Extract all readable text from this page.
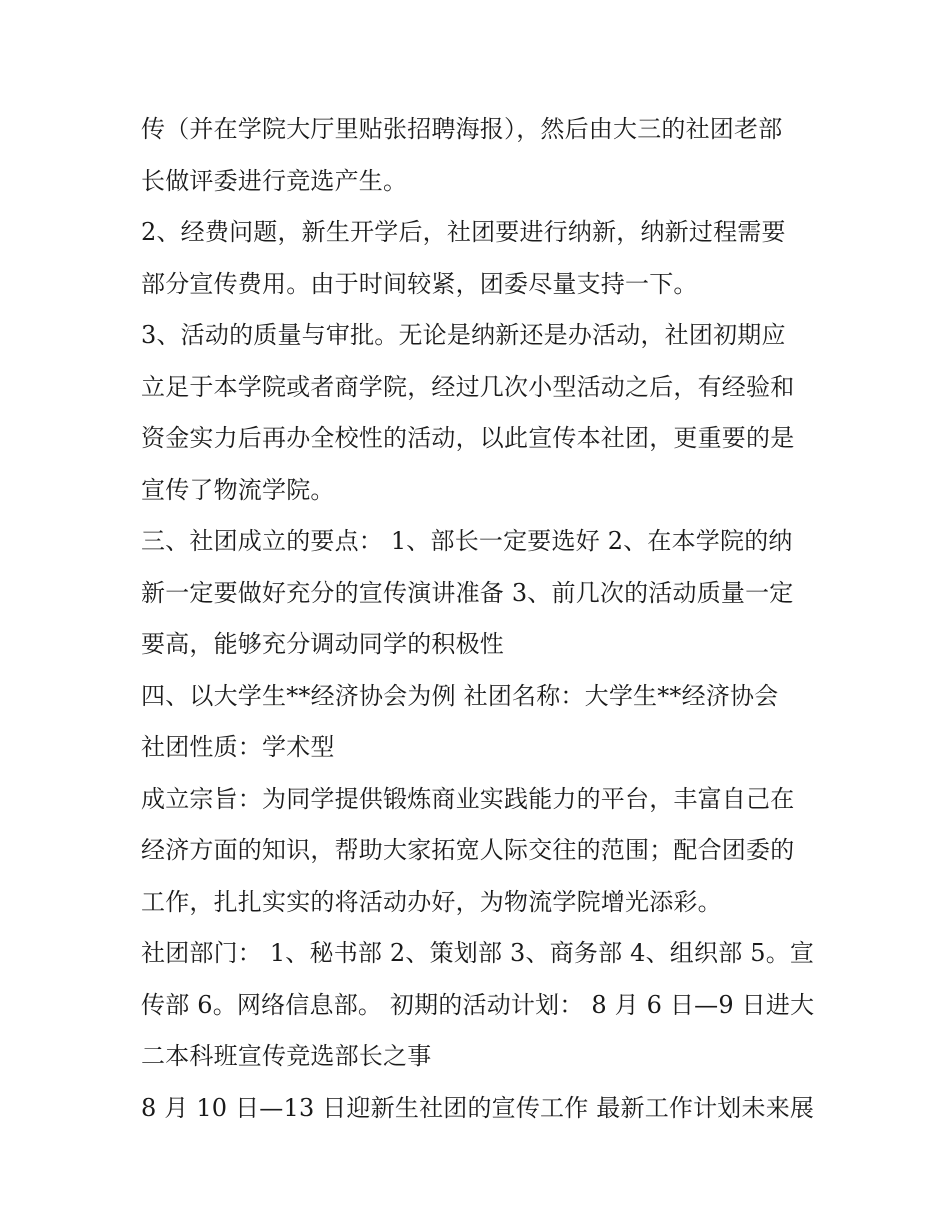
传（并在学院大厅里贴张招聘海报），然后由大三的社团老部
长做评委进行竞选产生。
2、经费问题，新生开学后，社团要进行纳新，纳新过程需要
部分宣传费用。由于时间较紧，团委尽量支持一下。
3、活动的质量与审批。无论是纳新还是办活动，社团初期应
立足于本学院或者商学院，经过几次小型活动之后，有经验和
资金实力后再办全校性的活动，以此宣传本社团，更重要的是
宣传了物流学院。
三、社团成立的要点： 1、部长一定要选好 2、在本学院的纳
新一定要做好充分的宣传演讲准备 3、前几次的活动质量一定
要高，能够充分调动同学的积极性
四、以大学生**经济协会为例 社团名称：大学生**经济协会
社团性质：学术型
成立宗旨：为同学提供锻炼商业实践能力的平台，丰富自己在
经济方面的知识，帮助大家拓宽人际交往的范围；配合团委的
工作，扎扎实实的将活动办好，为物流学院增光添彩。
社团部门： 1、秘书部 2、策划部 3、商务部 4、组织部 5。宣
传部 6。网络信息部。 初期的活动计划： 8 月 6 日—9 日进大
二本科班宣传竞选部长之事
8 月 10 日—13 日迎新生社团的宣传工作 最新工作计划未来展
